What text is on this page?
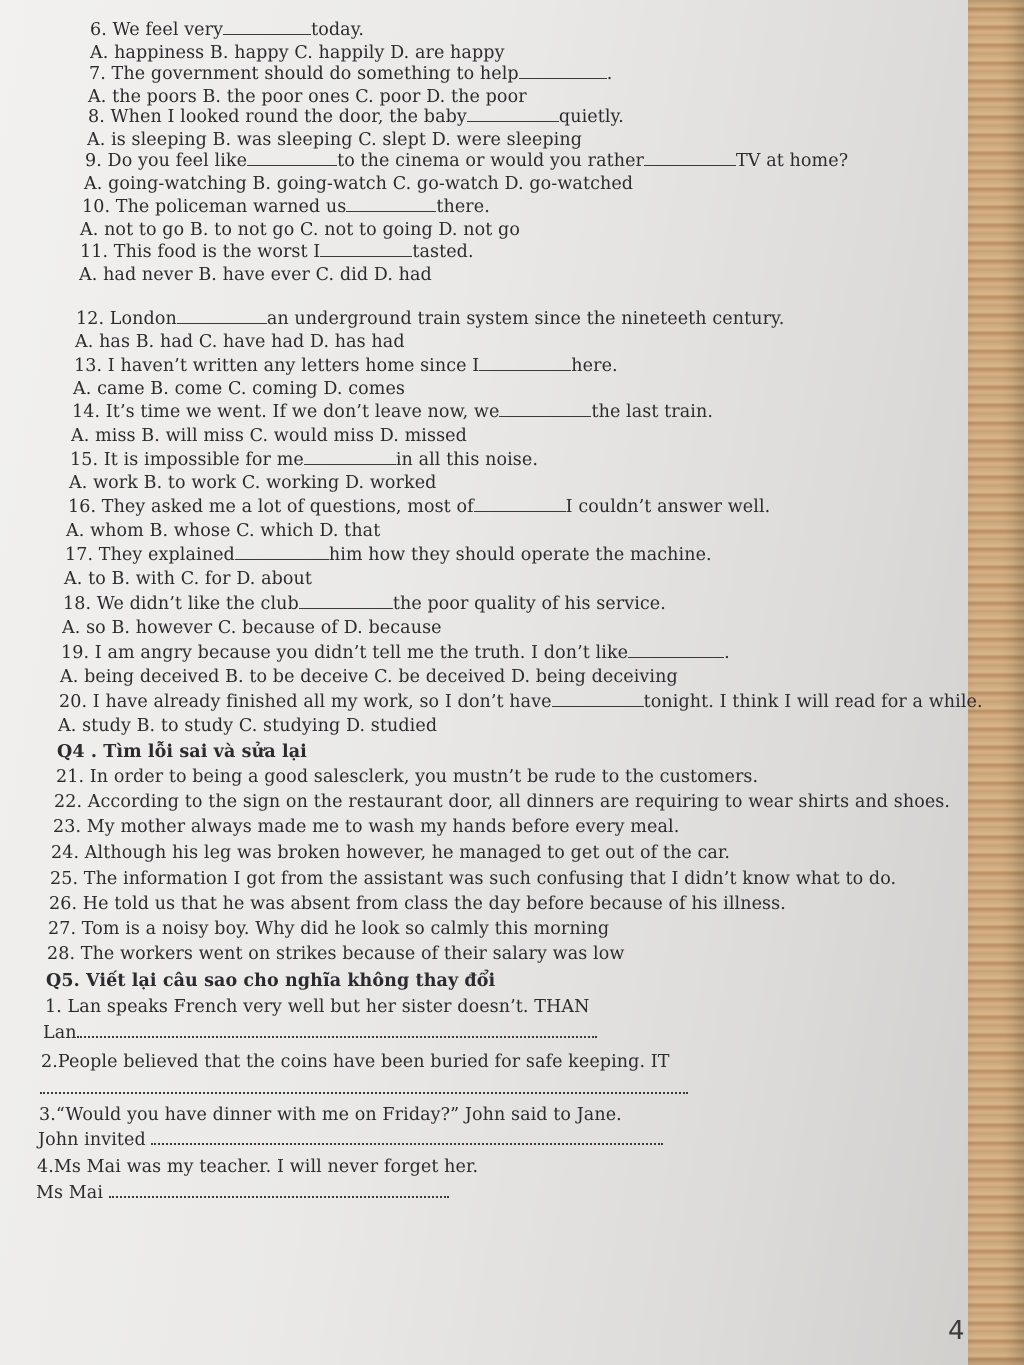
6. We feel very	today.
A. happiness B. happy C. happily D. are happy
7. The government should do something to help	.
A. the poors B. the poor ones C. poor D. the poor
8. When I looked round the door, the baby	quietly.
A. is sleeping B. was sleeping C. slept D. were sleeping
9. Do you feel like	to the cinema or would you rather	TV at home?
A. going-watching B. going-watch C. go-watch D. go-watched
10. The policeman warned us	there.
A. not to go B. to not go C. not to going D. not go
11. This food is the worst I	tasted.
A. had never B. have ever C. did D. had
12. London	an underground train system since the nineteeth century.
A. has B. had C. have had D. has had
13. I haven’t written any letters home since I	here.
A. came B. come C. coming D. comes
14. It’s time we went. If we don’t leave now, we	the last train.
A. miss B. will miss C. would miss D. missed
15. It is impossible for me	in all this noise.
A. work B. to work C. working D. worked
16. They asked me a lot of questions, most of	I couldn’t answer well.
A. whom B. whose C. which D. that
17. They explained	him how they should operate the machine.
A. to B. with C. for D. about
18. We didn’t like the club	the poor quality of his service.
A. so B. however C. because of D. because
19. I am angry because you didn’t tell me the truth. I don’t like	.
A. being deceived B. to be deceive C. be deceived D. being deceiving
20. I have already finished all my work, so I don’t have	tonight. I think I will read for a while.
A. study B. to study C. studying D. studied
Q4 . Tìm lỗi sai và sửa lại
21. In order to being a good salesclerk, you mustn’t be rude to the customers.
22. According to the sign on the restaurant door, all dinners are requiring to wear shirts and shoes.
23. My mother always made me to wash my hands before every meal.
24. Although his leg was broken however, he managed to get out of the car.
25. The information I got from the assistant was such confusing that I didn’t know what to do.
26. He told us that he was absent from class the day before because of his illness.
27. Tom is a noisy boy. Why did he look so calmly this morning
28. The workers went on strikes because of their salary was low
Q5. Viết lại câu sao cho nghĩa không thay đổi
1. Lan speaks French very well but her sister doesn’t. THAN
Lan
2.People believed that the coins have been buried for safe keeping. IT
3.“Would you have dinner with me on Friday?” John said to Jane.
John invited
4.Ms Mai was my teacher. I will never forget her.
Ms Mai
4
